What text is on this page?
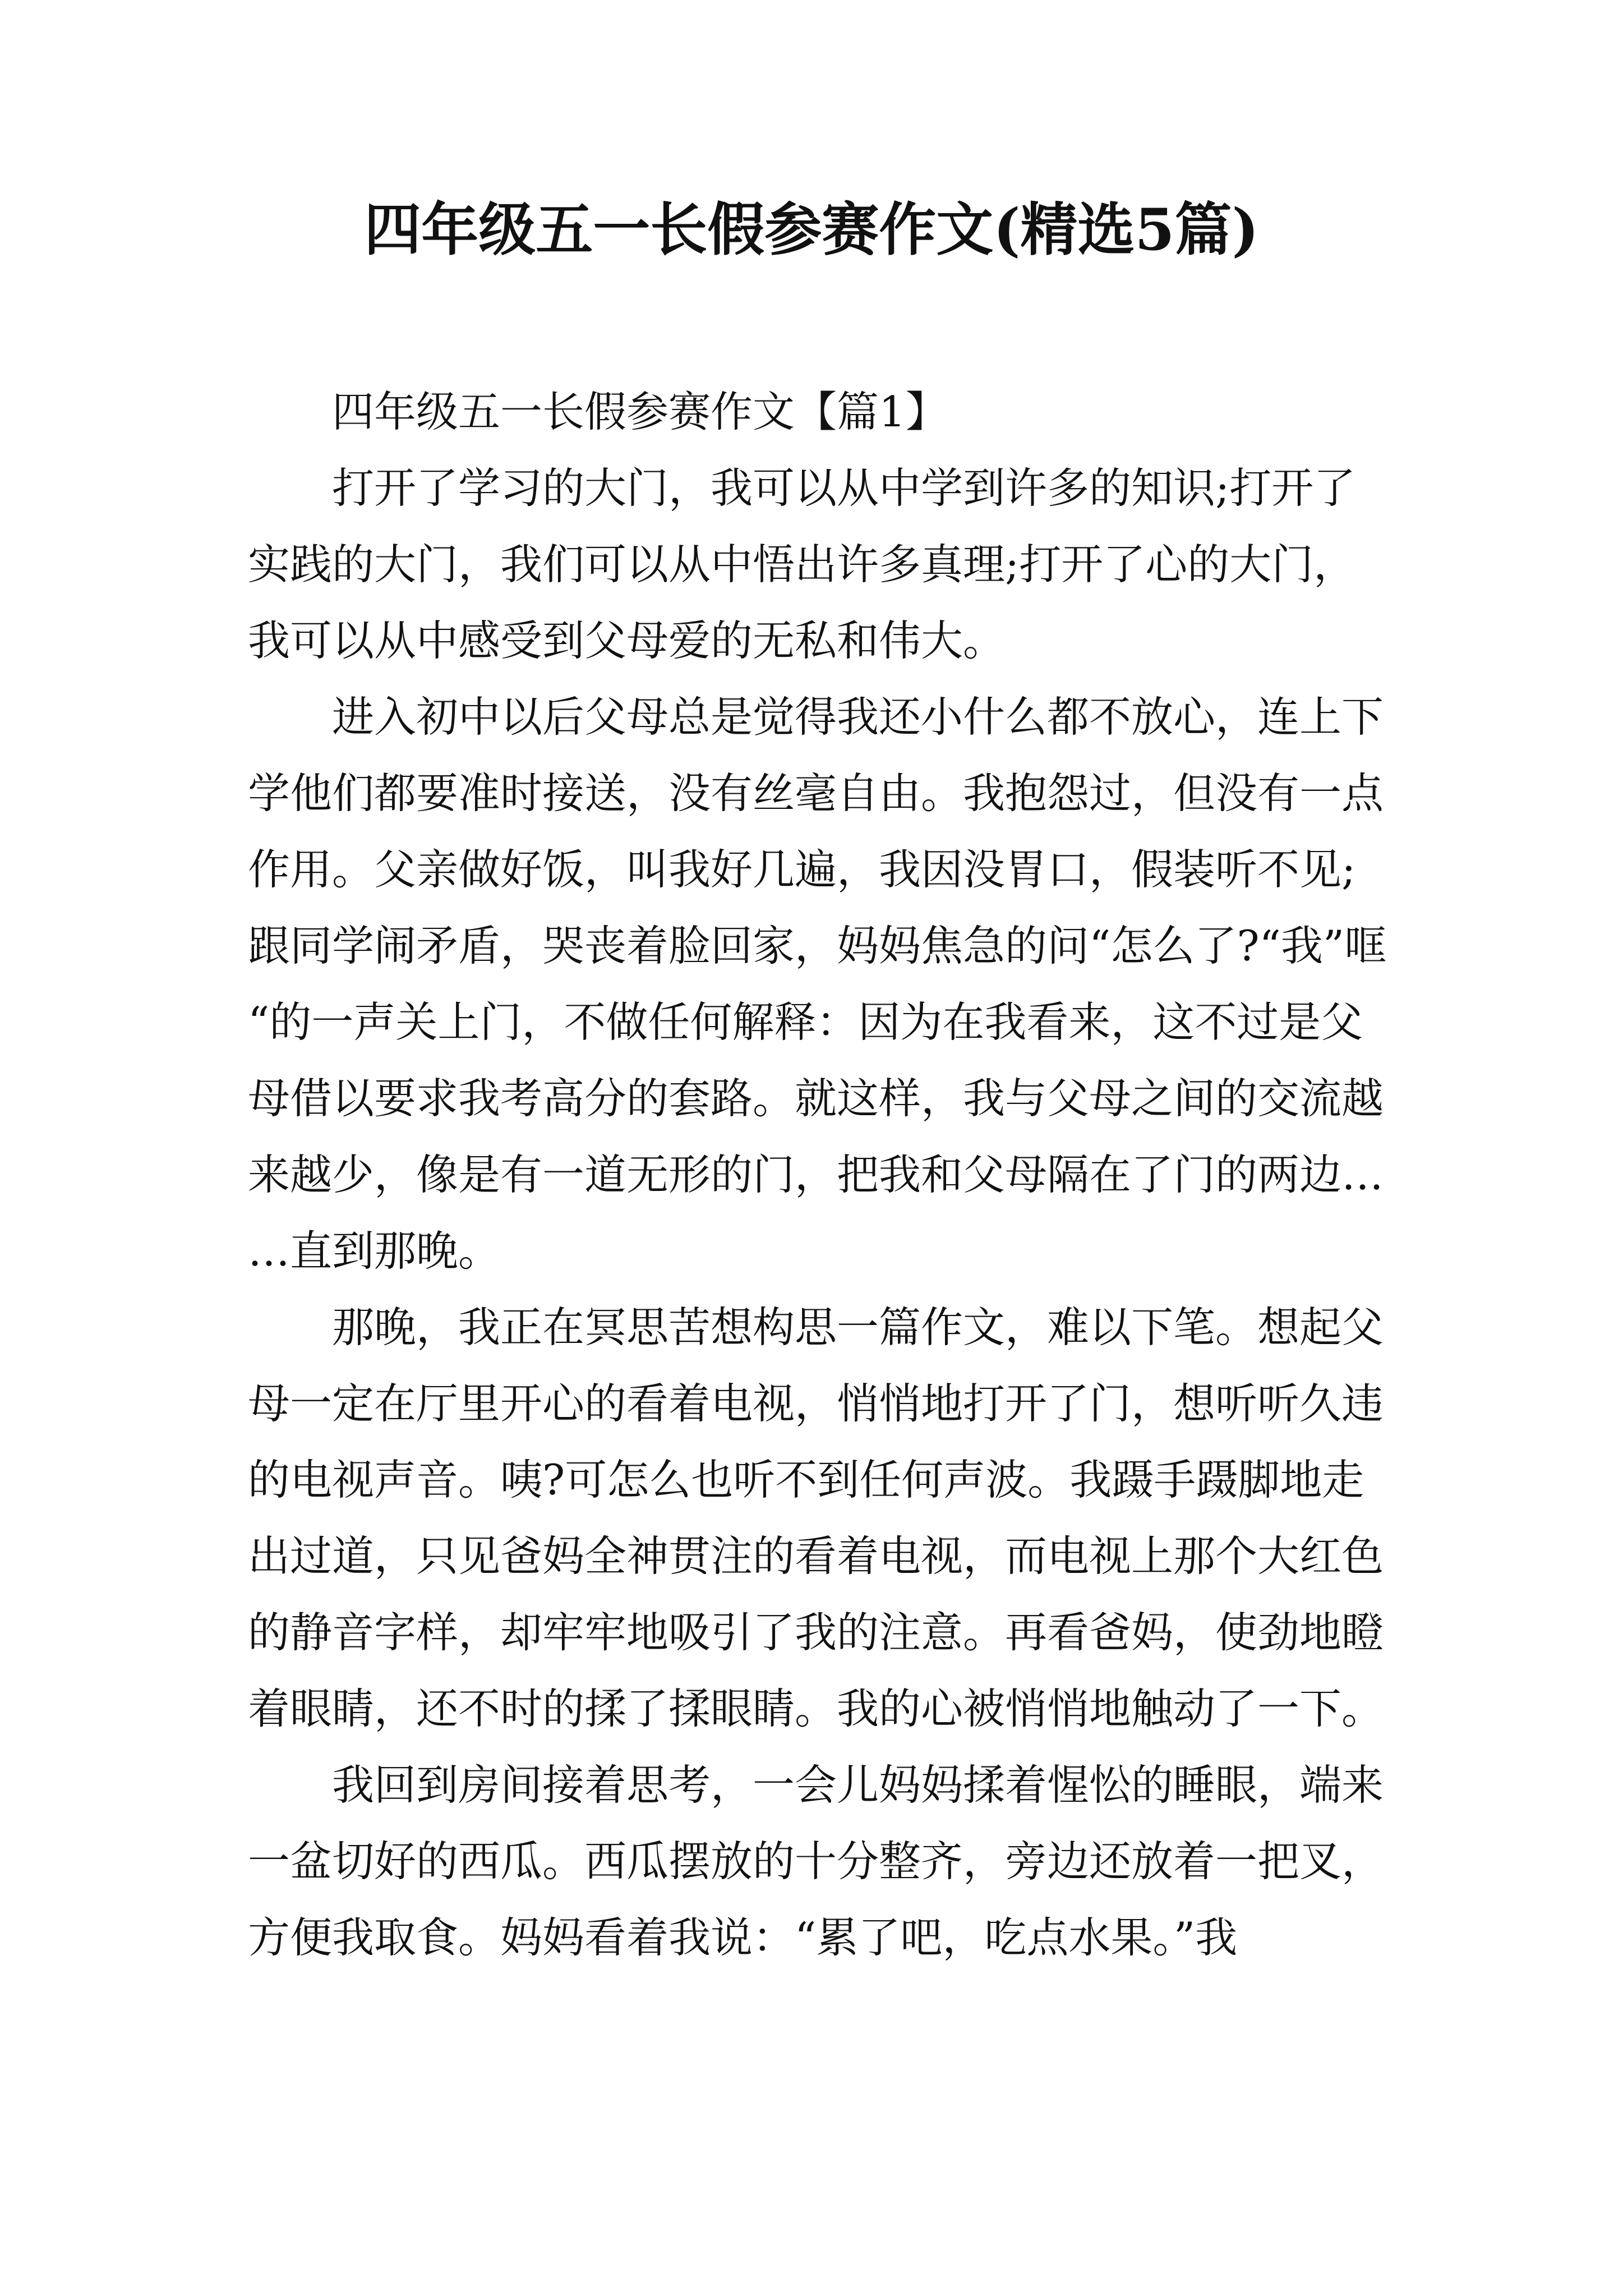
四年级五一长假参赛作文(精选5篇)

四年级五一长假参赛作文【篇1】

打开了学习的大门，我可以从中学到许多的知识;打开了实践的大门，我们可以从中悟出许多真理;打开了心的大门，我可以从中感受到父母爱的无私和伟大。

进入初中以后父母总是觉得我还小什么都不放心，连上下学他们都要准时接送，没有丝毫自由。我抱怨过，但没有一点作用。父亲做好饭，叫我好几遍，我因没胃口，假装听不见;跟同学闹矛盾，哭丧着脸回家，妈妈焦急的问“怎么了?“我”哐“的一声关上门，不做任何解释：因为在我看来，这不过是父母借以要求我考高分的套路。就这样，我与父母之间的交流越来越少，像是有一道无形的门，把我和父母隔在了门的两边……直到那晚。

那晚，我正在冥思苦想构思一篇作文，难以下笔。想起父母一定在厅里开心的看着电视，悄悄地打开了门，想听听久违的电视声音。咦?可怎么也听不到任何声波。我蹑手蹑脚地走出过道，只见爸妈全神贯注的看着电视，而电视上那个大红色的静音字样，却牢牢地吸引了我的注意。再看爸妈，使劲地瞪着眼睛，还不时的揉了揉眼睛。我的心被悄悄地触动了一下。

我回到房间接着思考，一会儿妈妈揉着惺忪的睡眼，端来一盆切好的西瓜。西瓜摆放的十分整齐，旁边还放着一把叉，方便我取食。妈妈看着我说：“累了吧，吃点水果。”我
